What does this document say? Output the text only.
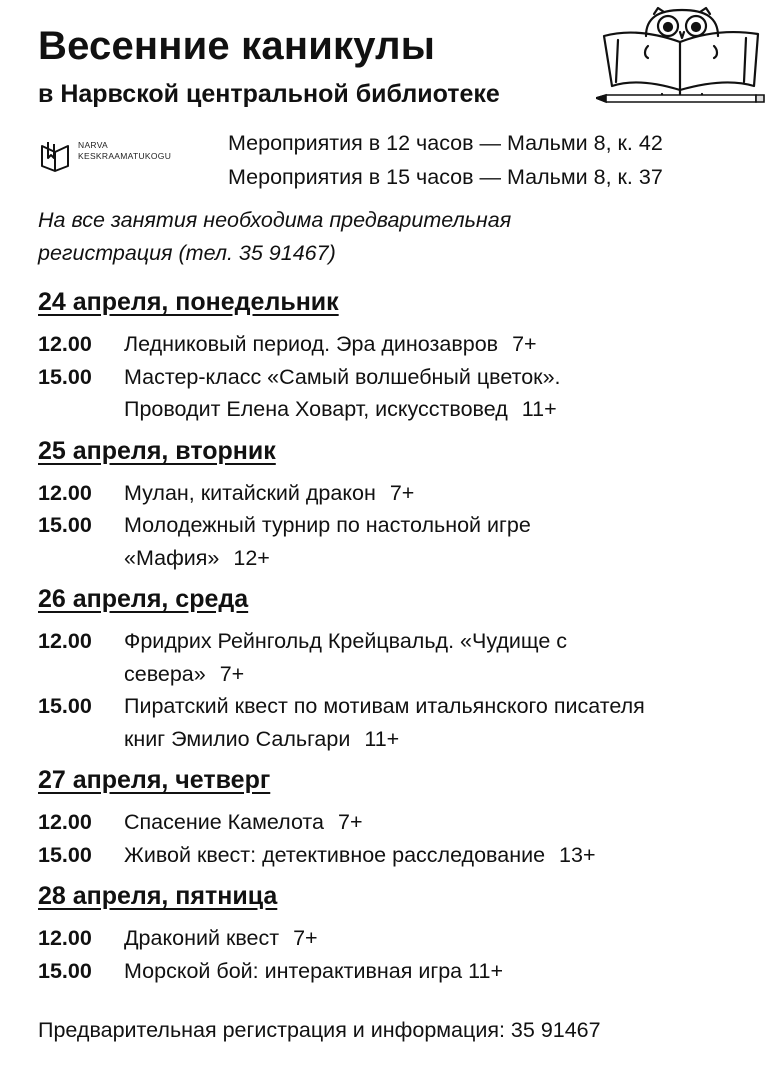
Весенние каникулы
в Нарвской центральной библиотеке
NARVA
KESKRAAMATUKOGU
Мероприятия в 12 часов — Мальми 8, к. 42
Мероприятия в 15 часов — Мальми 8, к. 37
На все занятия необходима предварительная
регистрация (тел. 35 91467)
24 апреля, понедельник
12.00	Ледниковый период. Эра динозавров 7+
15.00	Мастер-класс «Самый волшебный цветок».
Проводит Елена Ховарт, искусствовед 11+
25 апреля, вторник
12.00	Мулан, китайский дракон 7+
15.00	Молодежный турнир по настольной игре
«Мафия» 12+
26 апреля, среда
12.00	Фридрих Рейнгольд Крейцвальд. «Чудище с
севера» 7+
15.00	Пиратский квест по мотивам итальянского писателя
книг Эмилио Сальгари 11+
27 апреля, четверг
12.00	Спасение Камелота 7+
15.00	Живой квест: детективное расследование 13+
28 апреля, пятница
12.00	Драконий квест 7+
15.00	Морской бой: интерактивная игра 11+
Предварительная регистрация и информация: 35 91467
